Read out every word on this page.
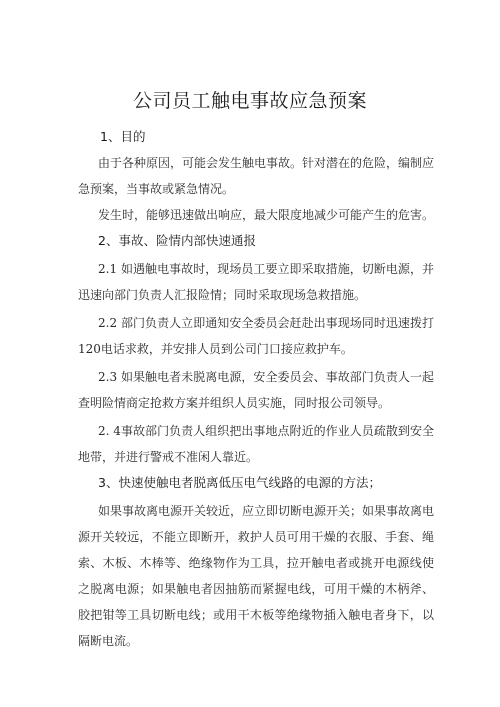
公司员工触电事故应急预案
1、目的
由于各种原因，可能会发生触电事故。针对潜在的危险，编制应急预案，当事故或紧急情况。
发生时，能够迅速做出响应，最大限度地减少可能产生的危害。
2、事故、险情内部快速通报
2.1 如遇触电事故时，现场员工要立即采取措施，切断电源，并迅速向部门负责人汇报险情；同时采取现场急救措施。
2.2 部门负责人立即通知安全委员会赶赴出事现场同时迅速拨打120电话求救，并安排人员到公司门口接应救护车。
2.3 如果触电者未脱离电源，安全委员会、事故部门负责人一起查明险情商定抢救方案并组织人员实施，同时报公司领导。
2. 4事故部门负责人组织把出事地点附近的作业人员疏散到安全地带，并进行警戒不准闲人靠近。
3、快速使触电者脱离低压电气线路的电源的方法；
如果事故离电源开关较近，应立即切断电源开关；如果事故离电源开关较远，不能立即断开，救护人员可用干燥的衣服、手套、绳索、木板、木棒等、绝缘物作为工具，拉开触电者或挑开电源线使之脱离电源；如果触电者因抽筋而紧握电线，可用干燥的木柄斧、胶把钳等工具切断电线；或用干木板等绝缘物插入触电者身下，以隔断电流。
